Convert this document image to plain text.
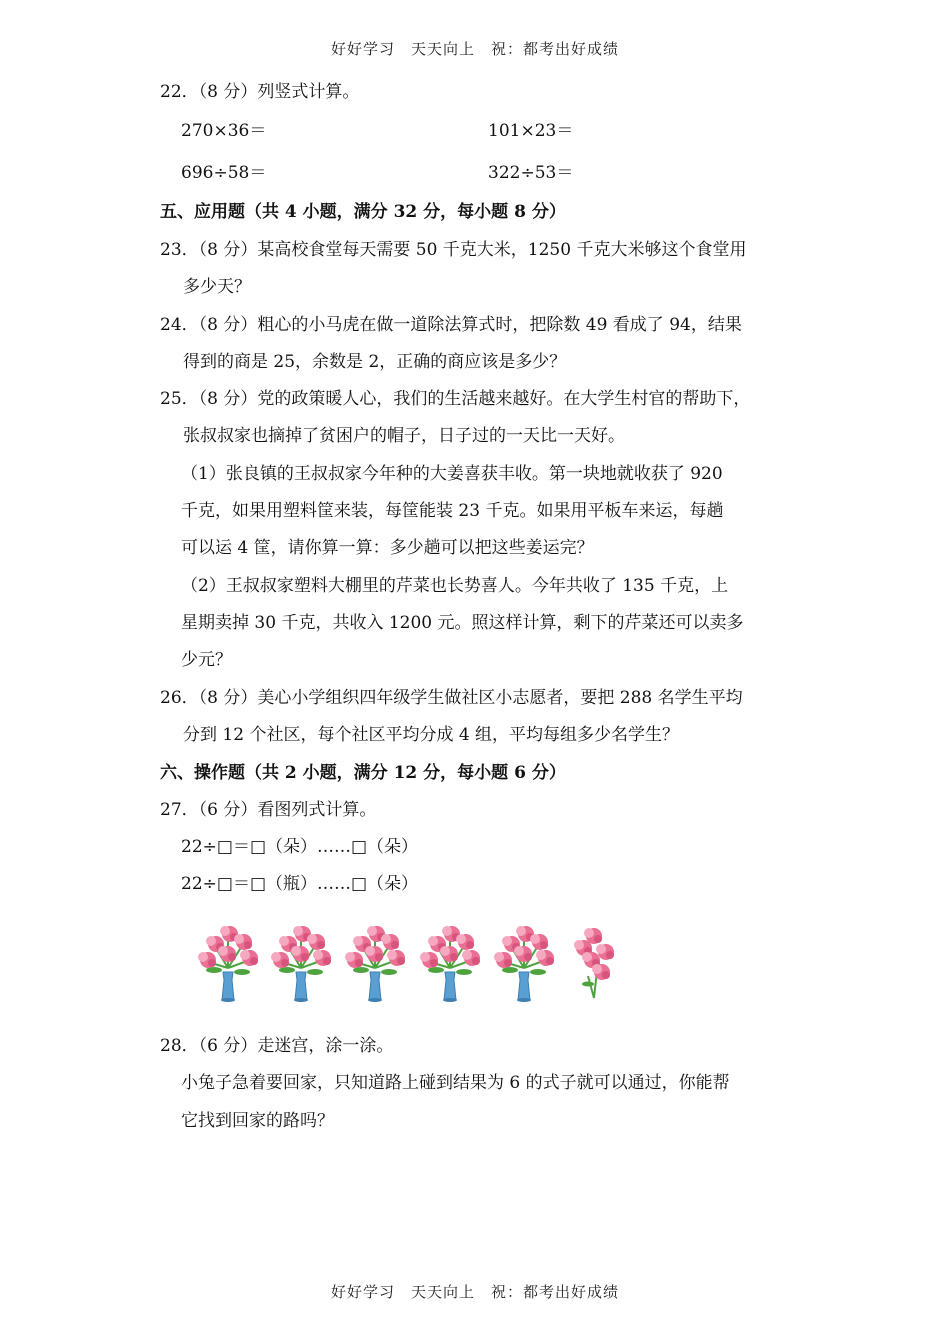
好好学习　天天向上　祝：都考出好成绩
22．（8 分）列竖式计算。
270×36＝	101×23＝
696÷58＝	322÷53＝
五、应用题（共 4 小题，满分 32 分，每小题 8 分）
23．（8 分）某高校食堂每天需要 50 千克大米，1250 千克大米够这个食堂用
多少天？
24．（8 分）粗心的小马虎在做一道除法算式时，把除数 49 看成了 94，结果
得到的商是 25，余数是 2，正确的商应该是多少？
25．（8 分）党的政策暖人心，我们的生活越来越好。在大学生村官的帮助下，
张叔叔家也摘掉了贫困户的帽子，日子过的一天比一天好。
（1）张良镇的王叔叔家今年种的大姜喜获丰收。第一块地就收获了 920
千克，如果用塑料筐来装，每筐能装 23 千克。如果用平板车来运，每趟
可以运 4 筐，请你算一算：多少趟可以把这些姜运完？
（2）王叔叔家塑料大棚里的芹菜也长势喜人。今年共收了 135 千克，上
星期卖掉 30 千克，共收入 1200 元。照这样计算，剩下的芹菜还可以卖多
少元？
26．（8 分）美心小学组织四年级学生做社区小志愿者，要把 288 名学生平均
分到 12 个社区，每个社区平均分成 4 组，平均每组多少名学生？
六、操作题（共 2 小题，满分 12 分，每小题 6 分）
27．（6 分）看图列式计算。
22÷□＝□（朵）……□（朵）
22÷□＝□（瓶）……□（朵）
28．（6 分）走迷宫，涂一涂。
小兔子急着要回家，只知道路上碰到结果为 6 的式子就可以通过，你能帮
它找到回家的路吗？
好好学习　天天向上　祝：都考出好成绩
